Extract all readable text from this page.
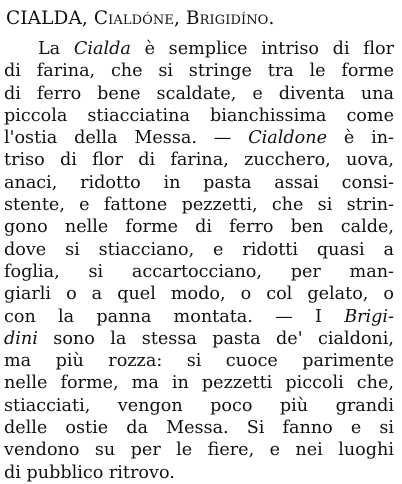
CIALDA, Cialdóne, Brigidíno.
La Cialda è semplice intriso di flor
di farina, che si stringe tra le forme
di ferro bene scaldate, e diventa una
piccola stiacciatina bianchissima come
l'ostia della Messa. — Cialdone è in-
triso di flor di farina, zucchero, uova,
anaci, ridotto in pasta assai consi-
stente, e fattone pezzetti, che si strin-
gono nelle forme di ferro ben calde,
dove si stiacciano, e ridotti quasi a
foglia, si accartocciano, per man-
giarli o a quel modo, o col gelato, o
con la panna montata. — I Brigi-
dini sono la stessa pasta de' cialdoni,
ma più rozza: si cuoce parimente
nelle forme, ma in pezzetti piccoli che,
stiacciati, vengon poco più grandi
delle ostie da Messa. Si fanno e si
vendono su per le fiere, e nei luoghi
di pubblico ritrovo.
